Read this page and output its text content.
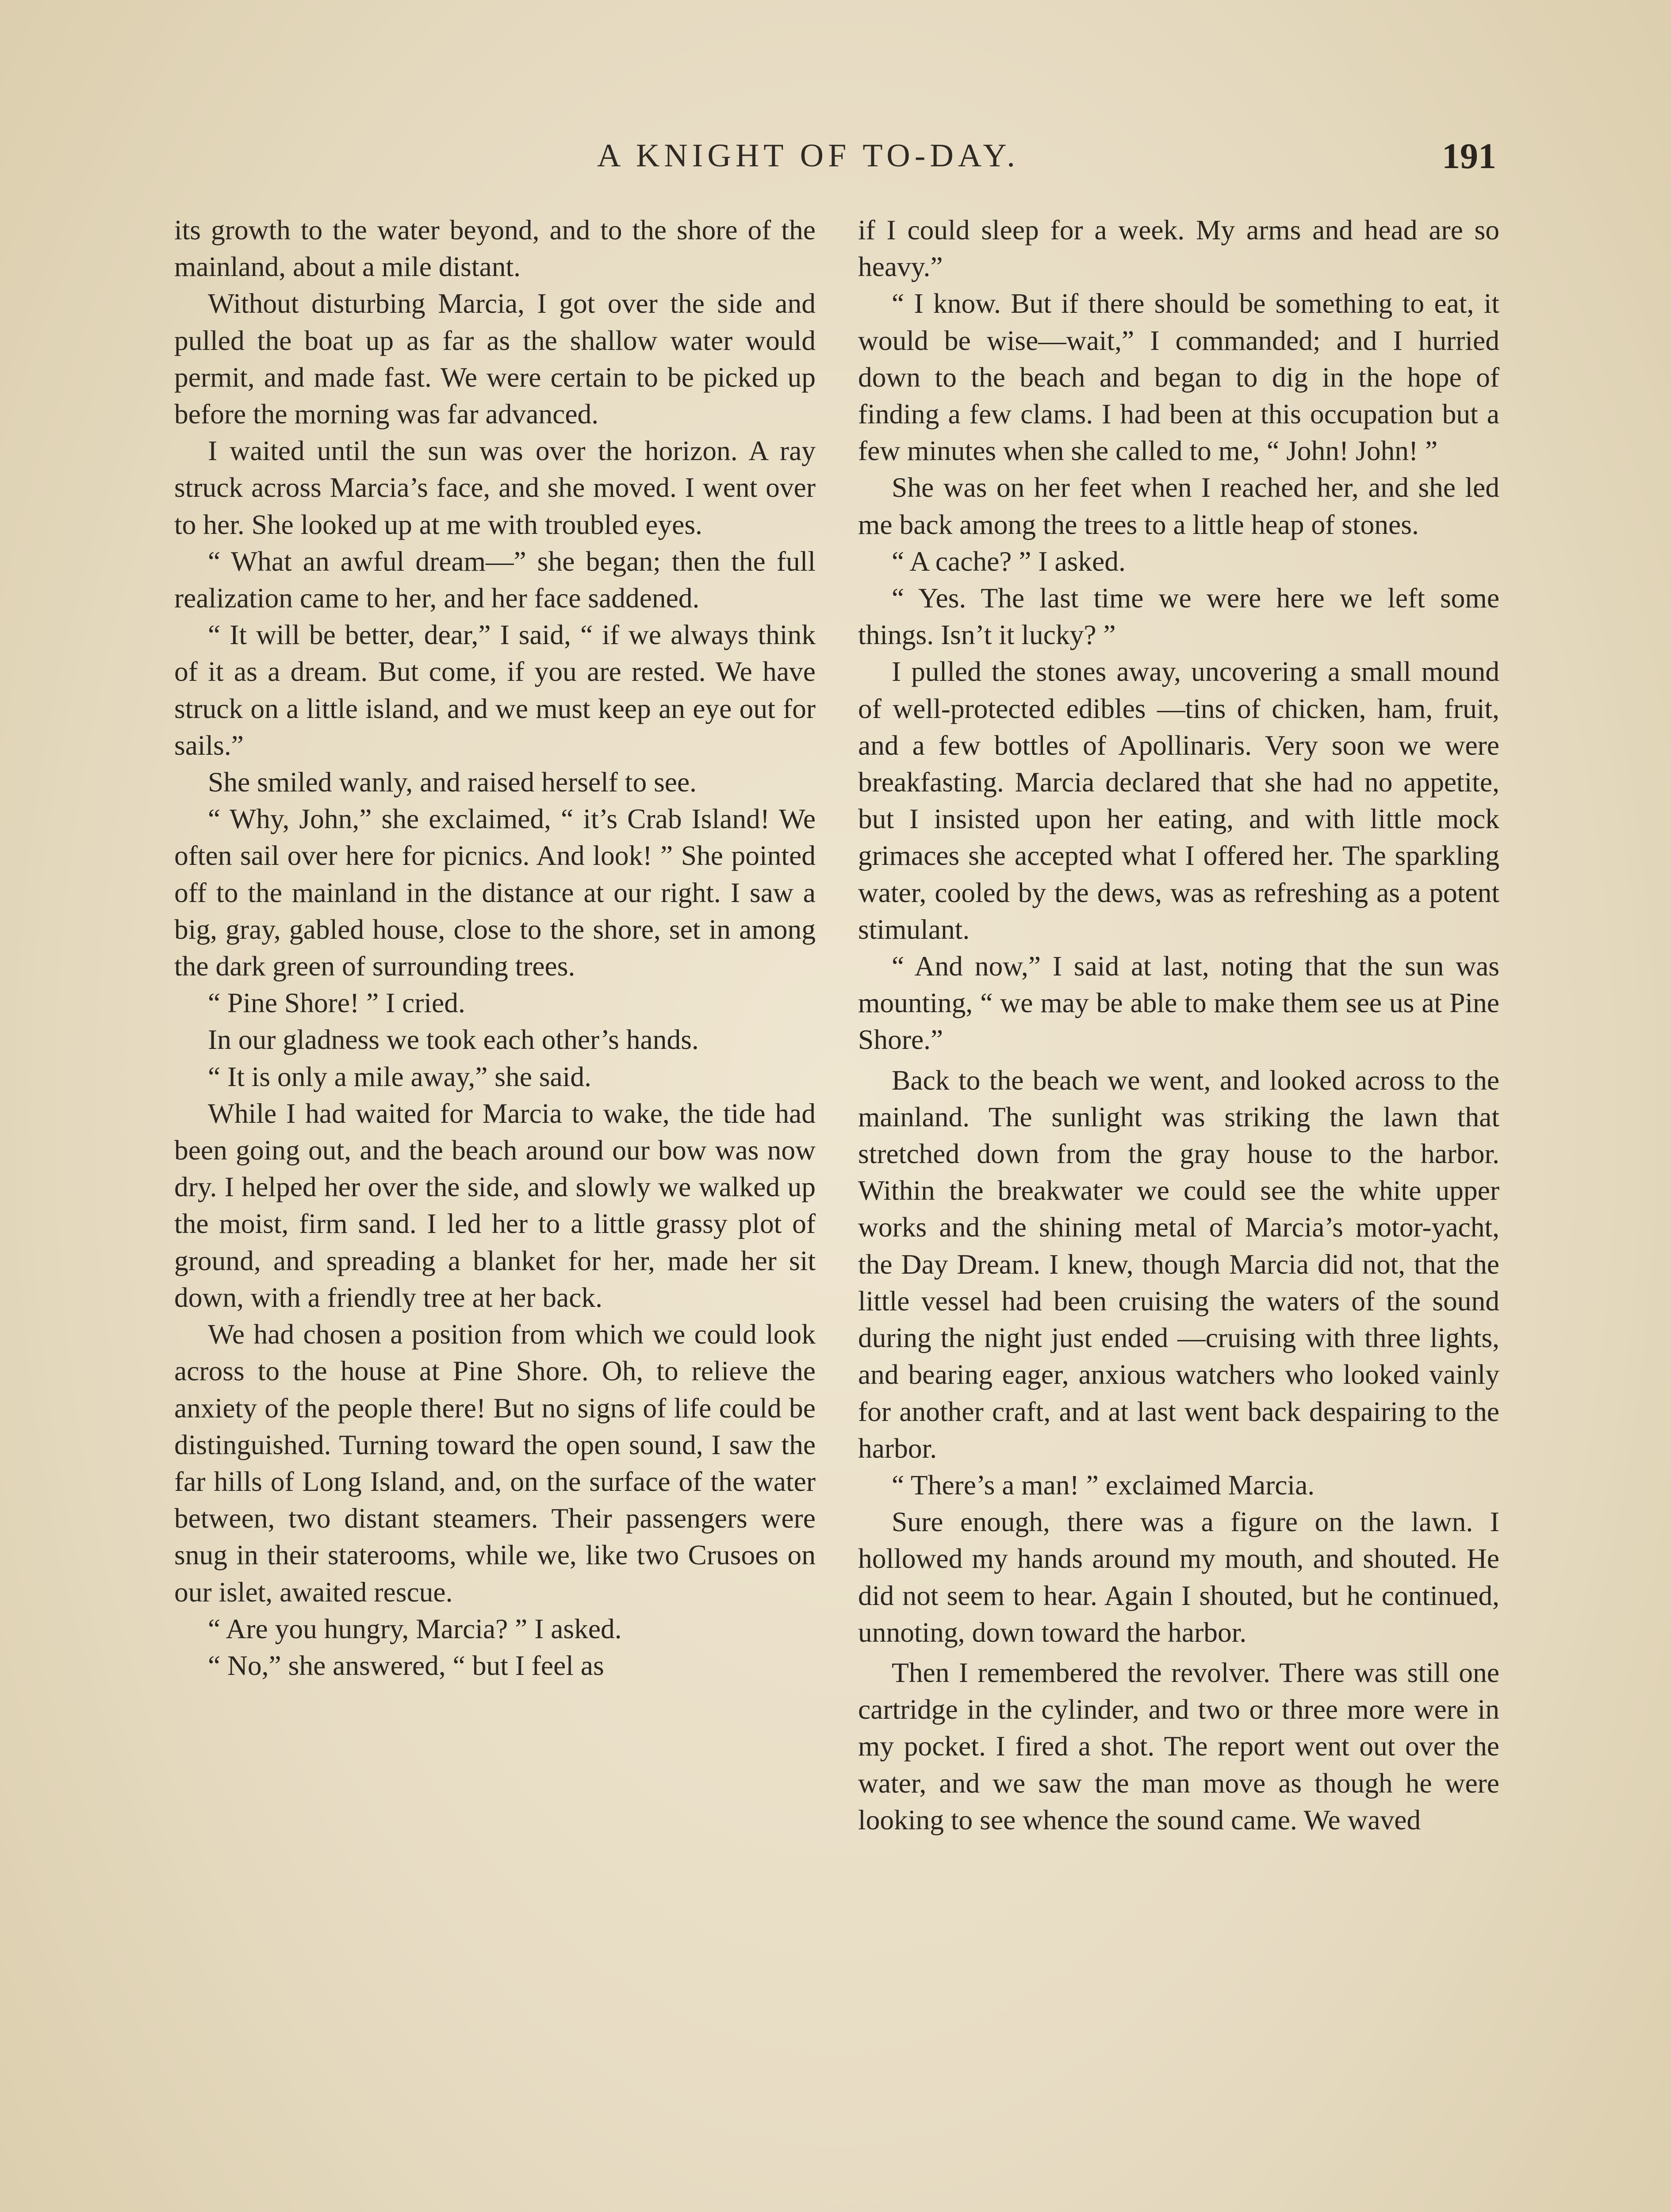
A KNIGHT OF TO-DAY.	191

its growth to the water beyond, and to the shore of the mainland, about a mile distant.

Without disturbing Marcia, I got over the side and pulled the boat up as far as the shallow water would permit, and made fast. We were certain to be picked up before the morning was far advanced.

I waited until the sun was over the horizon. A ray struck across Marcia’s face, and she moved. I went over to her. She looked up at me with troubled eyes.

“ What an awful dream—” she began; then the full realization came to her, and her face saddened.

“ It will be better, dear,” I said, “ if we always think of it as a dream. But come, if you are rested. We have struck on a little island, and we must keep an eye out for sails.”

She smiled wanly, and raised herself to see.

“ Why, John,” she exclaimed, “ it’s Crab Island! We often sail over here for picnics. And look! ” She pointed off to the mainland in the distance at our right. I saw a big, gray, gabled house, close to the shore, set in among the dark green of surrounding trees.

“ Pine Shore! ” I cried.

In our gladness we took each other’s hands.

“ It is only a mile away,” she said.

While I had waited for Marcia to wake, the tide had been going out, and the beach around our bow was now dry. I helped her over the side, and slowly we walked up the moist, firm sand. I led her to a little grassy plot of ground, and spreading a blanket for her, made her sit down, with a friendly tree at her back.

We had chosen a position from which we could look across to the house at Pine Shore. Oh, to relieve the anxiety of the people there! But no signs of life could be distinguished. Turning toward the open sound, I saw the far hills of Long Island, and, on the surface of the water between, two distant steamers. Their passengers were snug in their staterooms, while we, like two Crusoes on our islet, awaited rescue.

“ Are you hungry, Marcia? ” I asked.

“ No,” she answered, “ but I feel as

if I could sleep for a week. My arms and head are so heavy.”

“ I know. But if there should be something to eat, it would be wise—wait,” I commanded; and I hurried down to the beach and began to dig in the hope of finding a few clams. I had been at this occupation but a few minutes when she called to me, “ John! John! ”

She was on her feet when I reached her, and she led me back among the trees to a little heap of stones.

“ A cache? ” I asked.

“ Yes. The last time we were here we left some things. Isn’t it lucky? ”

I pulled the stones away, uncovering a small mound of well-protected edibles —tins of chicken, ham, fruit, and a few bottles of Apollinaris. Very soon we were breakfasting. Marcia declared that she had no appetite, but I insisted upon her eating, and with little mock grimaces she accepted what I offered her. The sparkling water, cooled by the dews, was as refreshing as a potent stimulant.

“ And now,” I said at last, noting that the sun was mounting, “ we may be able to make them see us at Pine Shore.”

Back to the beach we went, and looked across to the mainland. The sunlight was striking the lawn that stretched down from the gray house to the harbor. Within the breakwater we could see the white upper works and the shining metal of Marcia’s motor-yacht, the Day Dream. I knew, though Marcia did not, that the little vessel had been cruising the waters of the sound during the night just ended —cruising with three lights, and bearing eager, anxious watchers who looked vainly for another craft, and at last went back despairing to the harbor.

“ There’s a man! ” exclaimed Marcia.

Sure enough, there was a figure on the lawn. I hollowed my hands around my mouth, and shouted. He did not seem to hear. Again I shouted, but he continued, unnoting, down toward the harbor.

Then I remembered the revolver. There was still one cartridge in the cylinder, and two or three more were in my pocket. I fired a shot. The report went out over the water, and we saw the man move as though he were looking to see whence the sound came. We waved
